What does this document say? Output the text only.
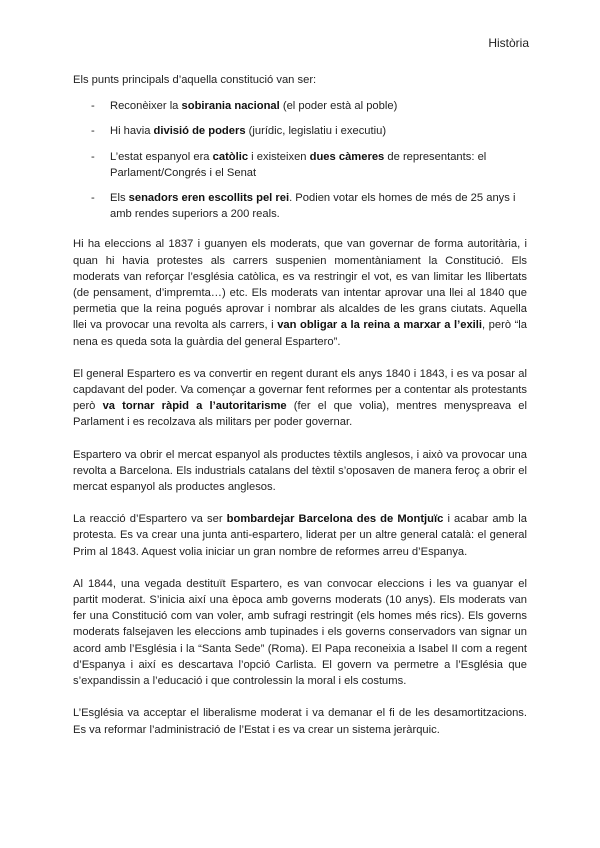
Història

Els punts principals d’aquella constitució van ser:

- Reconèixer la sobirania nacional (el poder està al poble)
- Hi havia divisió de poders (jurídic, legislatiu i executiu)
- L’estat espanyol era catòlic i existeixen dues càmeres de representants: el Parlament/Congrés i el Senat
- Els senadors eren escollits pel rei. Podien votar els homes de més de 25 anys i amb rendes superiors a 200 reals.

Hi ha eleccions al 1837 i guanyen els moderats, que van governar de forma autoritària, i quan hi havia protestes als carrers suspenien momentàniament la Constitució. Els moderats van reforçar l’església catòlica, es va restringir el vot, es van limitar les llibertats (de pensament, d’impremta…) etc. Els moderats van intentar aprovar una llei al 1840 que permetia que la reina pogués aprovar i nombrar als alcaldes de les grans ciutats. Aquella llei va provocar una revolta als carrers, i van obligar a la reina a marxar a l’exili, però “la nena es queda sota la guàrdia del general Espartero”.

El general Espartero es va convertir en regent durant els anys 1840 i 1843, i es va posar al capdavant del poder. Va començar a governar fent reformes per a contentar als protestants però va tornar ràpid a l’autoritarisme (fer el que volia), mentres menyspreava el Parlament i es recolzava als militars per poder governar.

Espartero va obrir el mercat espanyol als productes tèxtils anglesos, i això va provocar una revolta a Barcelona. Els industrials catalans del tèxtil s’oposaven de manera feroç a obrir el mercat espanyol als productes anglesos.

La reacció d’Espartero va ser bombardejar Barcelona des de Montjuïc i acabar amb la protesta. Es va crear una junta anti-espartero, liderat per un altre general català: el general Prim al 1843. Aquest volia iniciar un gran nombre de reformes arreu d’Espanya.

Al 1844, una vegada destituït Espartero, es van convocar eleccions i les va guanyar el partit moderat. S’inicia així una època amb governs moderats (10 anys). Els moderats van fer una Constitució com van voler, amb sufragi restringit (els homes més rics). Els governs moderats falsejaven les eleccions amb tupinades i els governs conservadors van signar un acord amb l’Església i la “Santa Sede” (Roma). El Papa reconeixia a Isabel II com a regent d’Espanya i així es descartava l’opció Carlista. El govern va permetre a l’Església que s’expandissin a l’educació i que controlessin la moral i els costums.

L’Església va acceptar el liberalisme moderat i va demanar el fi de les desamortitzacions. Es va reformar l’administració de l’Estat i es va crear un sistema jeràrquic.
